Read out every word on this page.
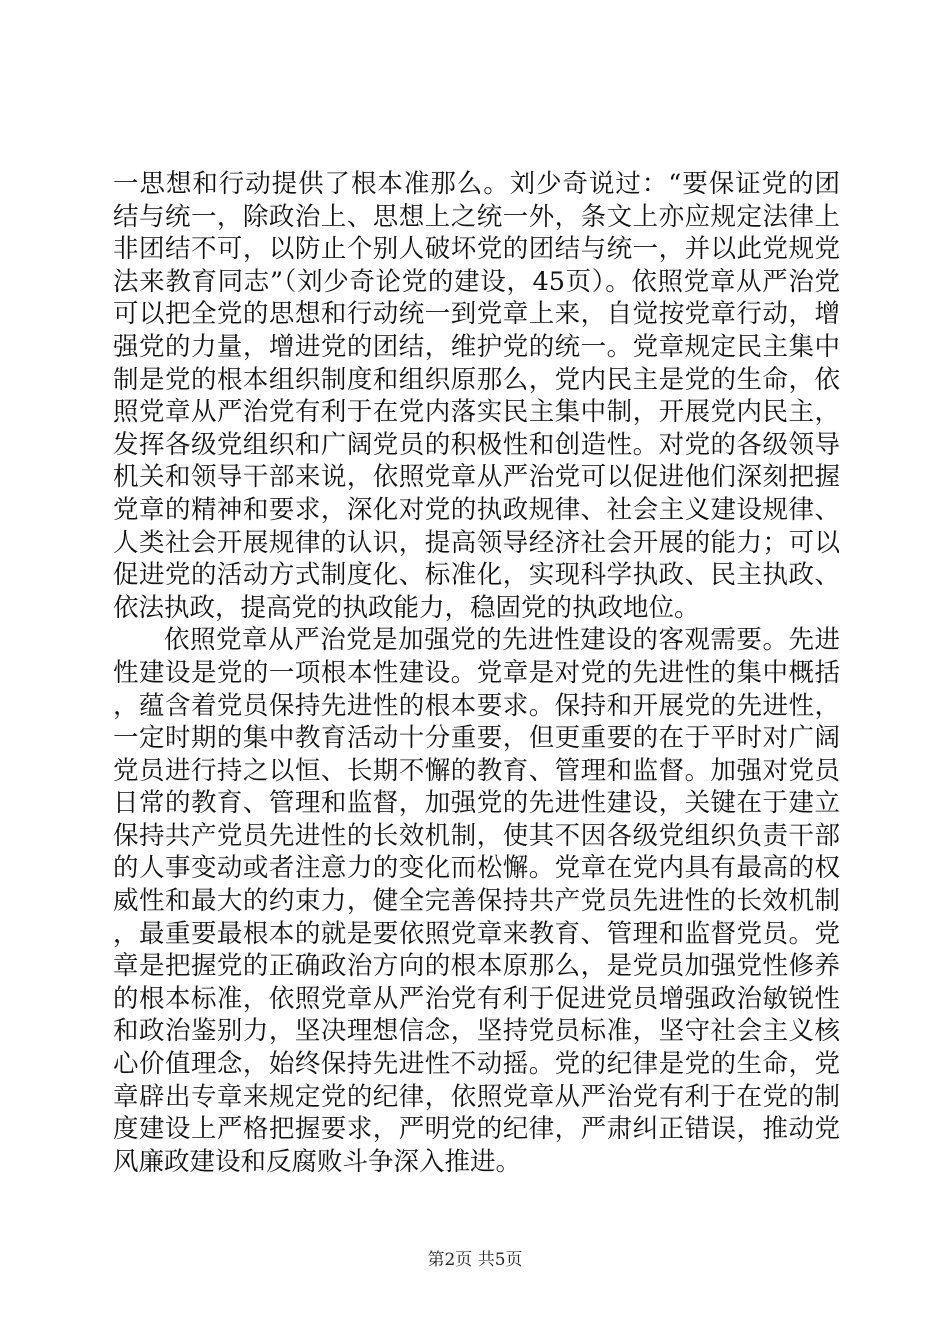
一思想和行动提供了根本准那么。刘少奇说过：“要保证党的团结与统一，除政治上、思想上之统一外，条文上亦应规定法律上非团结不可，以防止个别人破坏党的团结与统一，并以此党规党法来教育同志”（刘少奇论党的建设，45页）。依照党章从严治党可以把全党的思想和行动统一到党章上来，自觉按党章行动，增强党的力量，增进党的团结，维护党的统一。党章规定民主集中制是党的根本组织制度和组织原那么，党内民主是党的生命，依照党章从严治党有利于在党内落实民主集中制，开展党内民主，发挥各级党组织和广阔党员的积极性和创造性。对党的各级领导机关和领导干部来说，依照党章从严治党可以促进他们深刻把握党章的精神和要求，深化对党的执政规律、社会主义建设规律、人类社会开展规律的认识，提高领导经济社会开展的能力；可以促进党的活动方式制度化、标准化，实现科学执政、民主执政、依法执政，提高党的执政能力，稳固党的执政地位。

依照党章从严治党是加强党的先进性建设的客观需要。先进性建设是党的一项根本性建设。党章是对党的先进性的集中概括，蕴含着党员保持先进性的根本要求。保持和开展党的先进性，一定时期的集中教育活动十分重要，但更重要的在于平时对广阔党员进行持之以恒、长期不懈的教育、管理和监督。加强对党员日常的教育、管理和监督，加强党的先进性建设，关键在于建立保持共产党员先进性的长效机制，使其不因各级党组织负责干部的人事变动或者注意力的变化而松懈。党章在党内具有最高的权威性和最大的约束力，健全完善保持共产党员先进性的长效机制，最重要最根本的就是要依照党章来教育、管理和监督党员。党章是把握党的正确政治方向的根本原那么，是党员加强党性修养的根本标准，依照党章从严治党有利于促进党员增强政治敏锐性和政治鉴别力，坚决理想信念，坚持党员标准，坚守社会主义核心价值理念，始终保持先进性不动摇。党的纪律是党的生命，党章辟出专章来规定党的纪律，依照党章从严治党有利于在党的制度建设上严格把握要求，严明党的纪律，严肃纠正错误，推动党风廉政建设和反腐败斗争深入推进。

第2页 共5页
